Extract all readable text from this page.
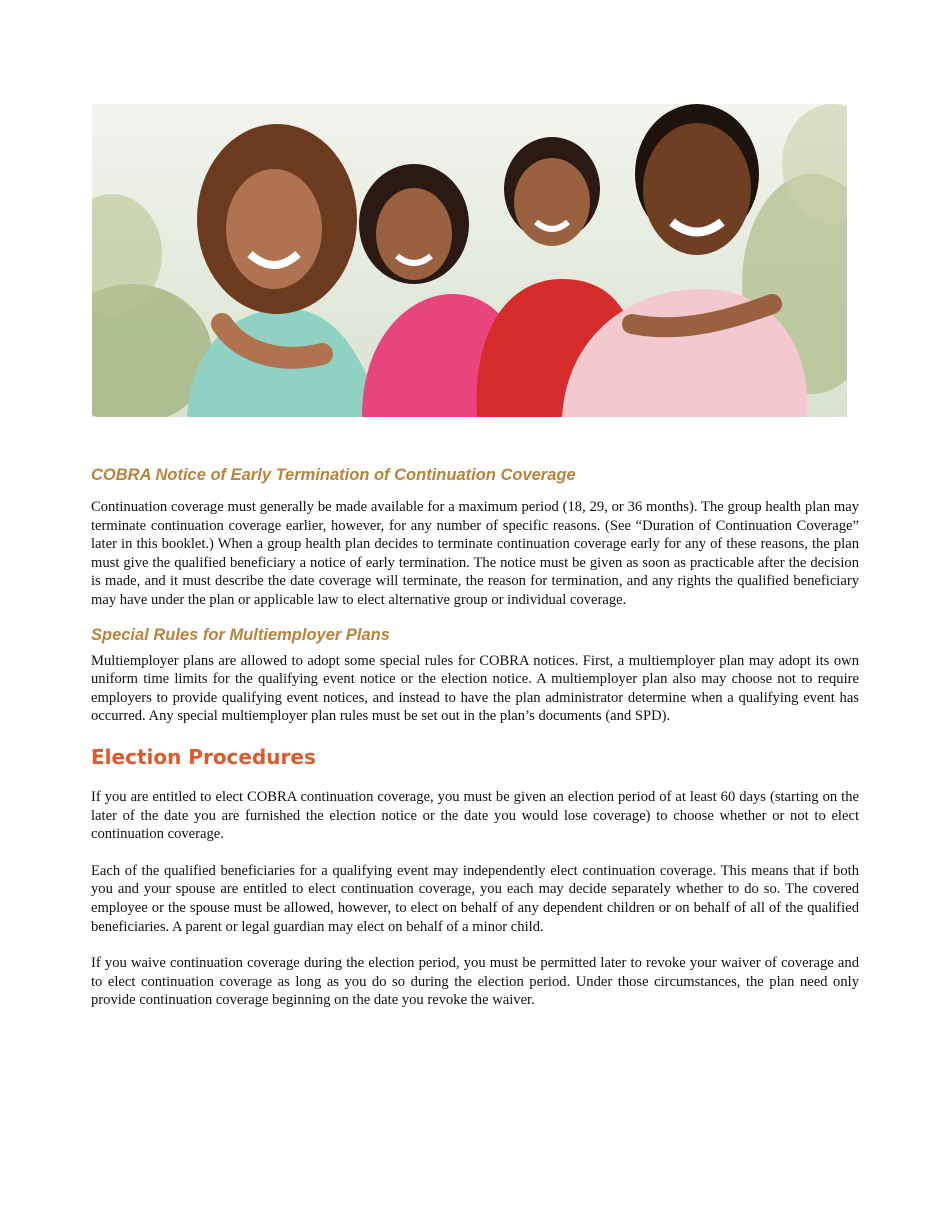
COBRA Notice of Early Termination of Continuation Coverage

Continuation coverage must generally be made available for a maximum period (18, 29, or 36 months). The group health plan may terminate continuation coverage earlier, however, for any number of specific reasons. (See “Duration of Continuation Coverage” later in this booklet.) When a group health plan decides to terminate continuation coverage early for any of these reasons, the plan must give the qualified beneficiary a notice of early termination. The notice must be given as soon as practicable after the decision is made, and it must describe the date coverage will terminate, the reason for termination, and any rights the qualified beneficiary may have under the plan or applicable law to elect alternative group or individual coverage.

Special Rules for Multiemployer Plans

Multiemployer plans are allowed to adopt some special rules for COBRA notices. First, a multiemployer plan may adopt its own uniform time limits for the qualifying event notice or the election notice. A multiemployer plan also may choose not to require employers to provide qualifying event notices, and instead to have the plan administrator determine when a qualifying event has occurred. Any special multiemployer plan rules must be set out in the plan’s documents (and SPD).

Election Procedures

If you are entitled to elect COBRA continuation coverage, you must be given an election period of at least 60 days (starting on the later of the date you are furnished the election notice or the date you would lose coverage) to choose whether or not to elect continuation coverage.

Each of the qualified beneficiaries for a qualifying event may independently elect continuation coverage. This means that if both you and your spouse are entitled to elect continuation coverage, you each may decide separately whether to do so. The covered employee or the spouse must be allowed, however, to elect on behalf of any dependent children or on behalf of all of the qualified beneficiaries. A parent or legal guardian may elect on behalf of a minor child.

If you waive continuation coverage during the election period, you must be permitted later to revoke your waiver of coverage and to elect continuation coverage as long as you do so during the election period. Under those circumstances, the plan need only provide continuation coverage beginning on the date you revoke the waiver.
